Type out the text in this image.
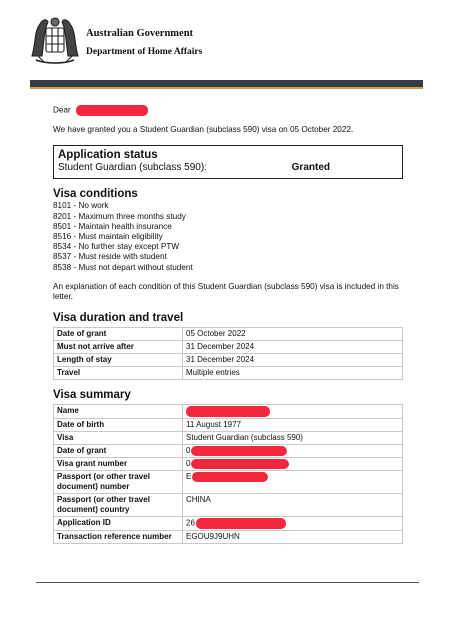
Australian Government
Department of Home Affairs
Dear
We have granted you a Student Guardian (subclass 590) visa on 05 October 2022.
Application status
Student Guardian (subclass 590):	Granted
Visa conditions
8101 - No work
8201 - Maximum three months study
8501 - Maintain health insurance
8516 - Must maintain eligibility
8534 - No further stay except PTW
8537 - Must reside with student
8538 - Must not depart without student
An explanation of each condition of this Student Guardian (subclass 590) visa is included in this letter.
Visa duration and travel
Date of grant	05 October 2022
Must not arrive after	31 December 2024
Length of stay	31 December 2024
Travel	Multiple entries
Visa summary
Name	
Date of birth	11 August 1977
Visa	Student Guardian (subclass 590)
Date of grant	0
Visa grant number	0
Passport (or other travel document) number	E
Passport (or other travel document) country	CHINA
Application ID	26
Transaction reference number	EGOU9J9UHN
